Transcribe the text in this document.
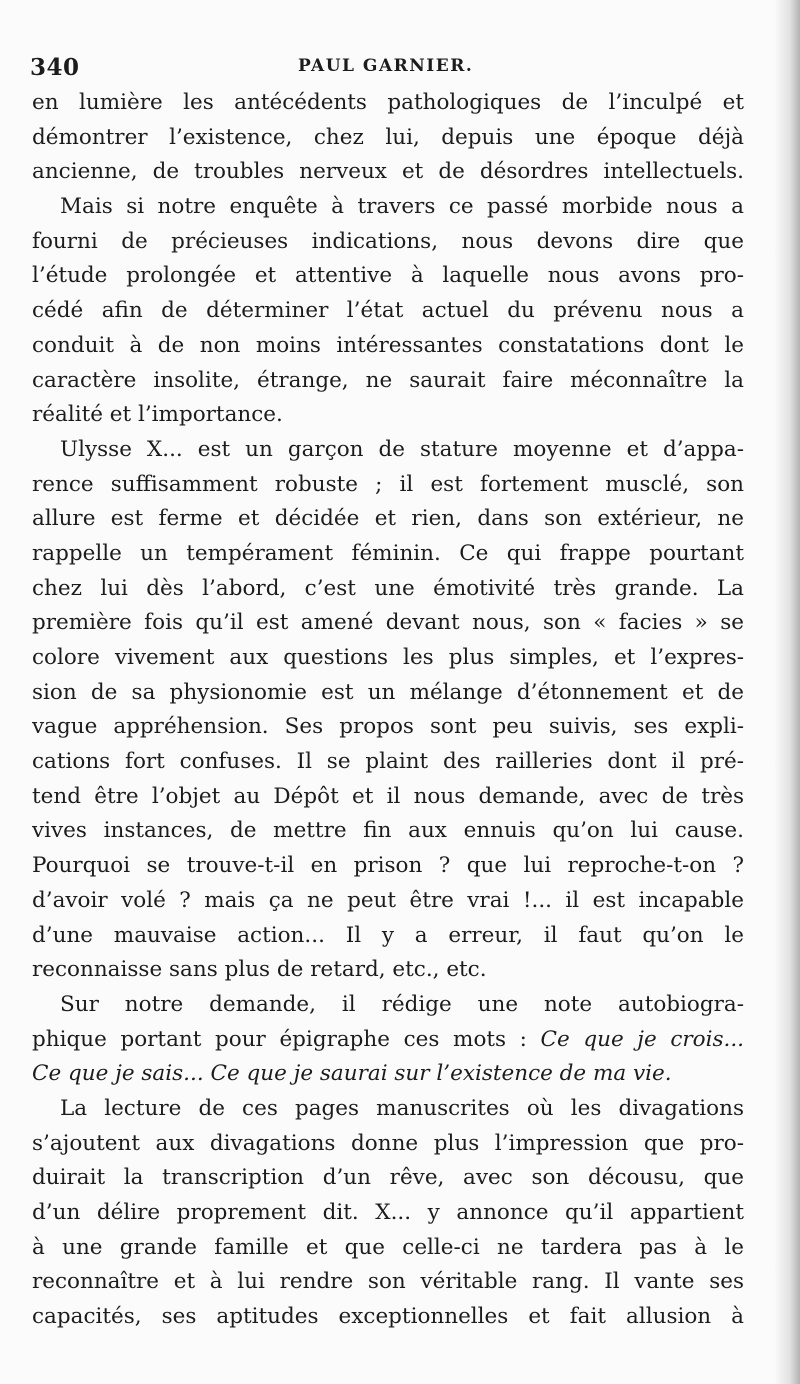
340	PAUL GARNIER.
en lumière les antécédents pathologiques de l’inculpé et
démontrer l’existence, chez lui, depuis une époque déjà
ancienne, de troubles nerveux et de désordres intellectuels.
Mais si notre enquête à travers ce passé morbide nous a
fourni de précieuses indications, nous devons dire que
l’étude prolongée et attentive à laquelle nous avons pro-
cédé afin de déterminer l’état actuel du prévenu nous a
conduit à de non moins intéressantes constatations dont le
caractère insolite, étrange, ne saurait faire méconnaître la
réalité et l’importance.
Ulysse X... est un garçon de stature moyenne et d’appa-
rence suffisamment robuste ; il est fortement musclé, son
allure est ferme et décidée et rien, dans son extérieur, ne
rappelle un tempérament féminin. Ce qui frappe pourtant
chez lui dès l’abord, c’est une émotivité très grande. La
première fois qu’il est amené devant nous, son « facies » se
colore vivement aux questions les plus simples, et l’expres-
sion de sa physionomie est un mélange d’étonnement et de
vague appréhension. Ses propos sont peu suivis, ses expli-
cations fort confuses. Il se plaint des railleries dont il pré-
tend être l’objet au Dépôt et il nous demande, avec de très
vives instances, de mettre fin aux ennuis qu’on lui cause.
Pourquoi se trouve-t-il en prison ? que lui reproche-t-on ?
d’avoir volé ? mais ça ne peut être vrai !... il est incapable
d’une mauvaise action... Il y a erreur, il faut qu’on le
reconnaisse sans plus de retard, etc., etc.
Sur notre demande, il rédige une note autobiogra-
phique portant pour épigraphe ces mots : Ce que je crois...
Ce que je sais... Ce que je saurai sur l’existence de ma vie.
La lecture de ces pages manuscrites où les divagations
s’ajoutent aux divagations donne plus l’impression que pro-
duirait la transcription d’un rêve, avec son décousu, que
d’un délire proprement dit. X... y annonce qu’il appartient
à une grande famille et que celle-ci ne tardera pas à le
reconnaître et à lui rendre son véritable rang. Il vante ses
capacités, ses aptitudes exceptionnelles et fait allusion à
